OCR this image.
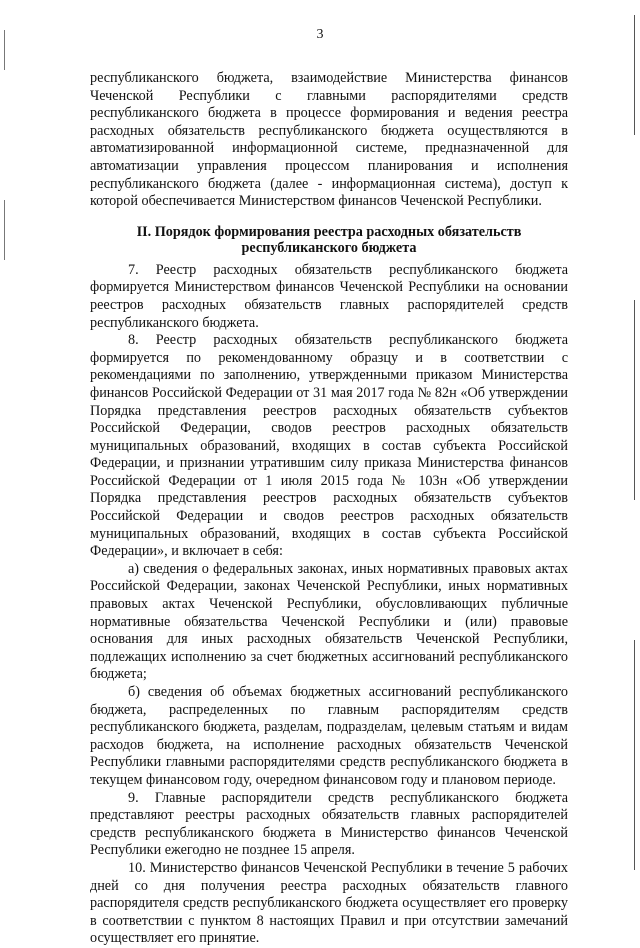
3

республиканского бюджета, взаимодействие Министерства финансов Чеченской Республики с главными распорядителями средств республиканского бюджета в процессе формирования и ведения реестра расходных обязательств республиканского бюджета осуществляются в автоматизированной информационной системе, предназначенной для автоматизации управления процессом планирования и исполнения республиканского бюджета (далее - информационная система), доступ к которой обеспечивается Министерством финансов Чеченской Республики.

II. Порядок формирования реестра расходных обязательств республиканского бюджета

7. Реестр расходных обязательств республиканского бюджета формируется Министерством финансов Чеченской Республики на основании реестров расходных обязательств главных распорядителей средств республиканского бюджета.

8. Реестр расходных обязательств республиканского бюджета формируется по рекомендованному образцу и в соответствии с рекомендациями по заполнению, утвержденными приказом Министерства финансов Российской Федерации от 31 мая 2017 года № 82н «Об утверждении Порядка представления реестров расходных обязательств субъектов Российской Федерации, сводов реестров расходных обязательств муниципальных образований, входящих в состав субъекта Российской Федерации, и признании утратившим силу приказа Министерства финансов Российской Федерации от 1 июля 2015 года № 103н «Об утверждении Порядка представления реестров расходных обязательств субъектов Российской Федерации и сводов реестров расходных обязательств муниципальных образований, входящих в состав субъекта Российской Федерации», и включает в себя:

а) сведения о федеральных законах, иных нормативных правовых актах Российской Федерации, законах Чеченской Республики, иных нормативных правовых актах Чеченской Республики, обусловливающих публичные нормативные обязательства Чеченской Республики и (или) правовые основания для иных расходных обязательств Чеченской Республики, подлежащих исполнению за счет бюджетных ассигнований республиканского бюджета;

б) сведения об объемах бюджетных ассигнований республиканского бюджета, распределенных по главным распорядителям средств республиканского бюджета, разделам, подразделам, целевым статьям и видам расходов бюджета, на исполнение расходных обязательств Чеченской Республики главными распорядителями средств республиканского бюджета в текущем финансовом году, очередном финансовом году и плановом периоде.

9. Главные распорядители средств республиканского бюджета представляют реестры расходных обязательств главных распорядителей средств республиканского бюджета в Министерство финансов Чеченской Республики ежегодно не позднее 15 апреля.

10. Министерство финансов Чеченской Республики в течение 5 рабочих дней со дня получения реестра расходных обязательств главного распорядителя средств республиканского бюджета осуществляет его проверку в соответствии с пунктом 8 настоящих Правил и при отсутствии замечаний осуществляет его принятие.
